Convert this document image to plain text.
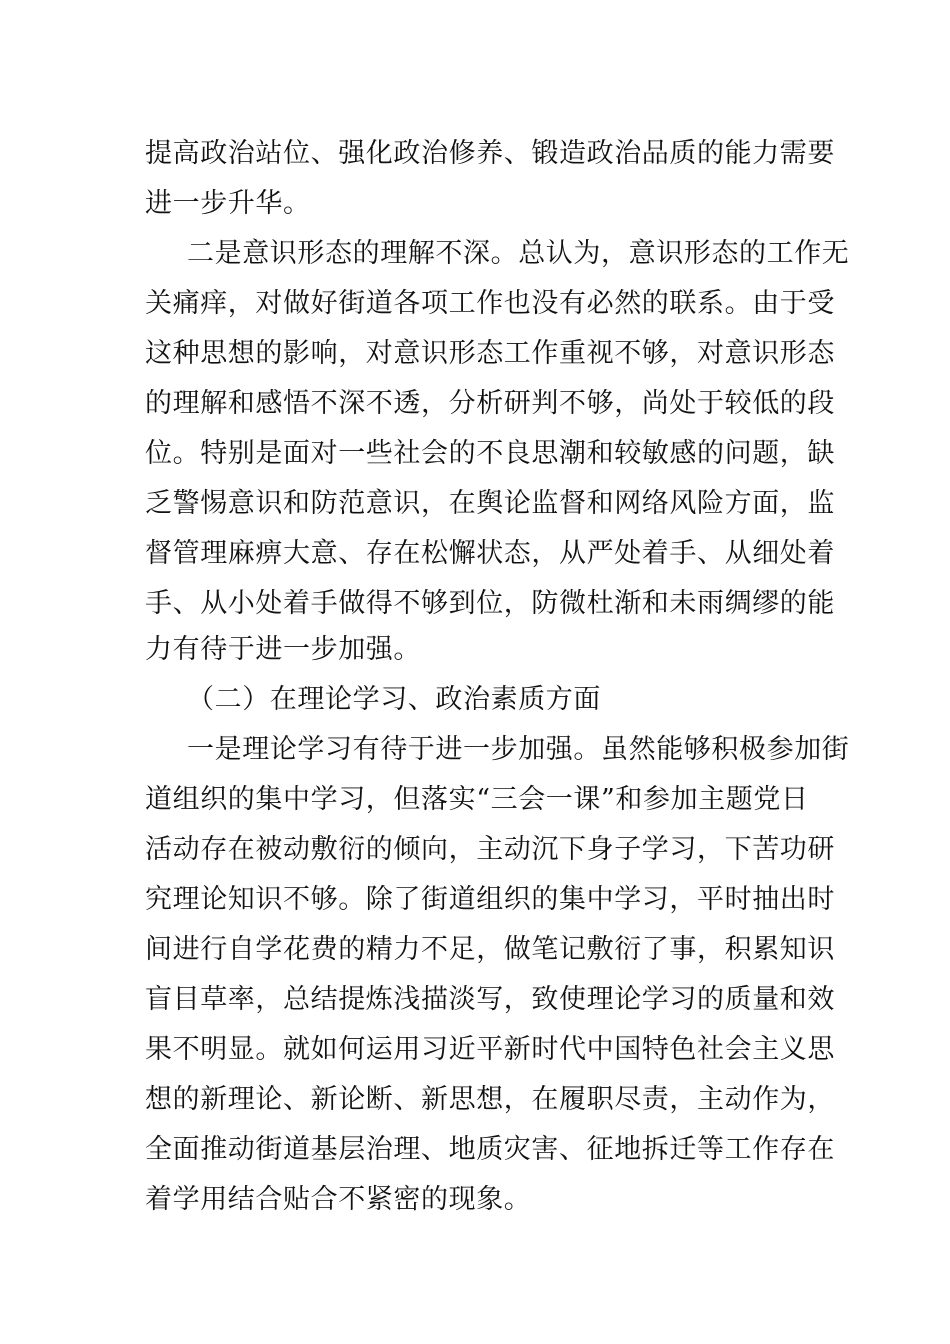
提高政治站位、强化政治修养、锻造政治品质的能力需要
进一步升华。
二是意识形态的理解不深。总认为，意识形态的工作无
关痛痒，对做好街道各项工作也没有必然的联系。由于受
这种思想的影响，对意识形态工作重视不够，对意识形态
的理解和感悟不深不透，分析研判不够，尚处于较低的段
位。特别是面对一些社会的不良思潮和较敏感的问题，缺
乏警惕意识和防范意识，在舆论监督和网络风险方面，监
督管理麻痹大意、存在松懈状态，从严处着手、从细处着
手、从小处着手做得不够到位，防微杜渐和未雨绸缪的能
力有待于进一步加强。
（二）在理论学习、政治素质方面
一是理论学习有待于进一步加强。虽然能够积极参加街
道组织的集中学习，但落实“三会一课”和参加主题党日
活动存在被动敷衍的倾向，主动沉下身子学习，下苦功研
究理论知识不够。除了街道组织的集中学习，平时抽出时
间进行自学花费的精力不足，做笔记敷衍了事，积累知识
盲目草率，总结提炼浅描淡写，致使理论学习的质量和效
果不明显。就如何运用习近平新时代中国特色社会主义思
想的新理论、新论断、新思想，在履职尽责，主动作为，
全面推动街道基层治理、地质灾害、征地拆迁等工作存在
着学用结合贴合不紧密的现象。
